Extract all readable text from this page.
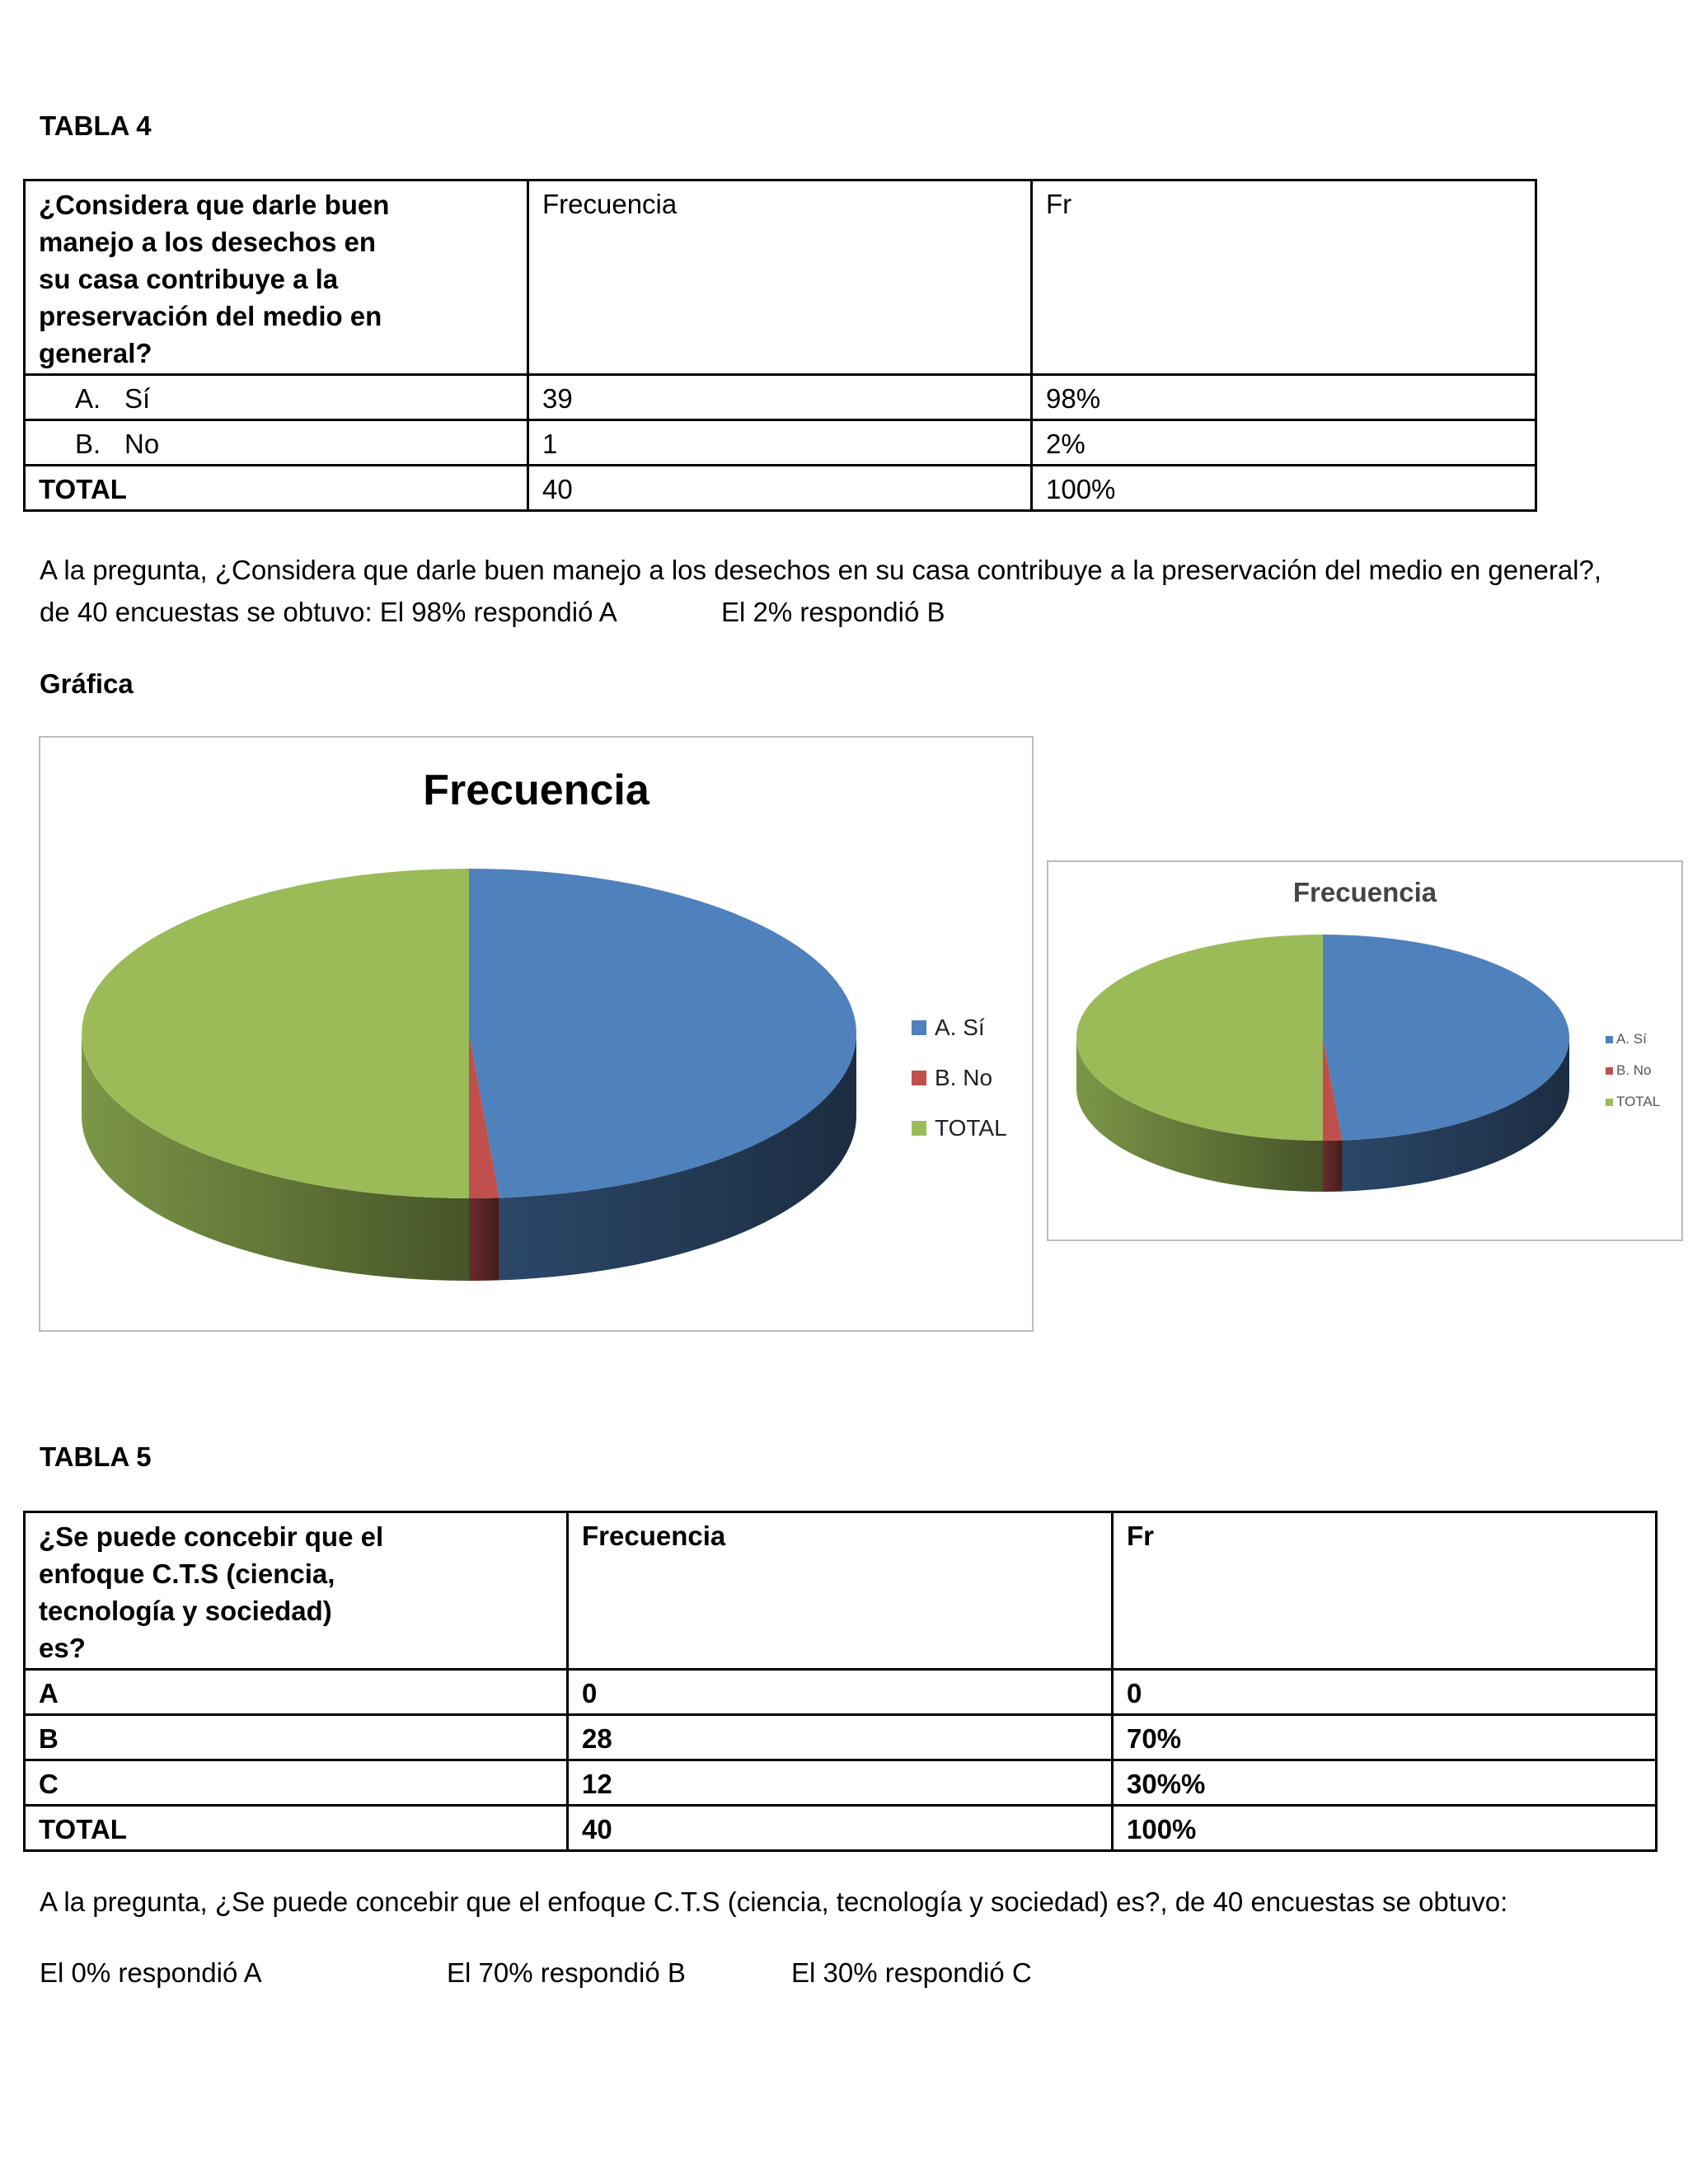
TABLA 4
¿Considera que darle buen manejo a los desechos en su casa contribuye a la preservación del medio en general?	Frecuencia	Fr
A. Sí	39	98%
B. No	1	2%
TOTAL	40	100%
A la pregunta, ¿Considera que darle buen manejo a los desechos en su casa contribuye a la preservación del medio en general?,
de 40 encuestas se obtuvo: El 98% respondió A	El 2% respondió B
Gráfica
Frecuencia
A. Sí
B. No
TOTAL
Frecuencia
A. Sí
B. No
TOTAL
TABLA 5
¿Se puede concebir que el enfoque C.T.S (ciencia, tecnología y sociedad) es?	Frecuencia	Fr
A	0	0
B	28	70%
C	12	30%%
TOTAL	40	100%
A la pregunta, ¿Se puede concebir que el enfoque C.T.S (ciencia, tecnología y sociedad) es?, de 40 encuestas se obtuvo:
El 0% respondió A	El 70% respondió B	El 30% respondió C
